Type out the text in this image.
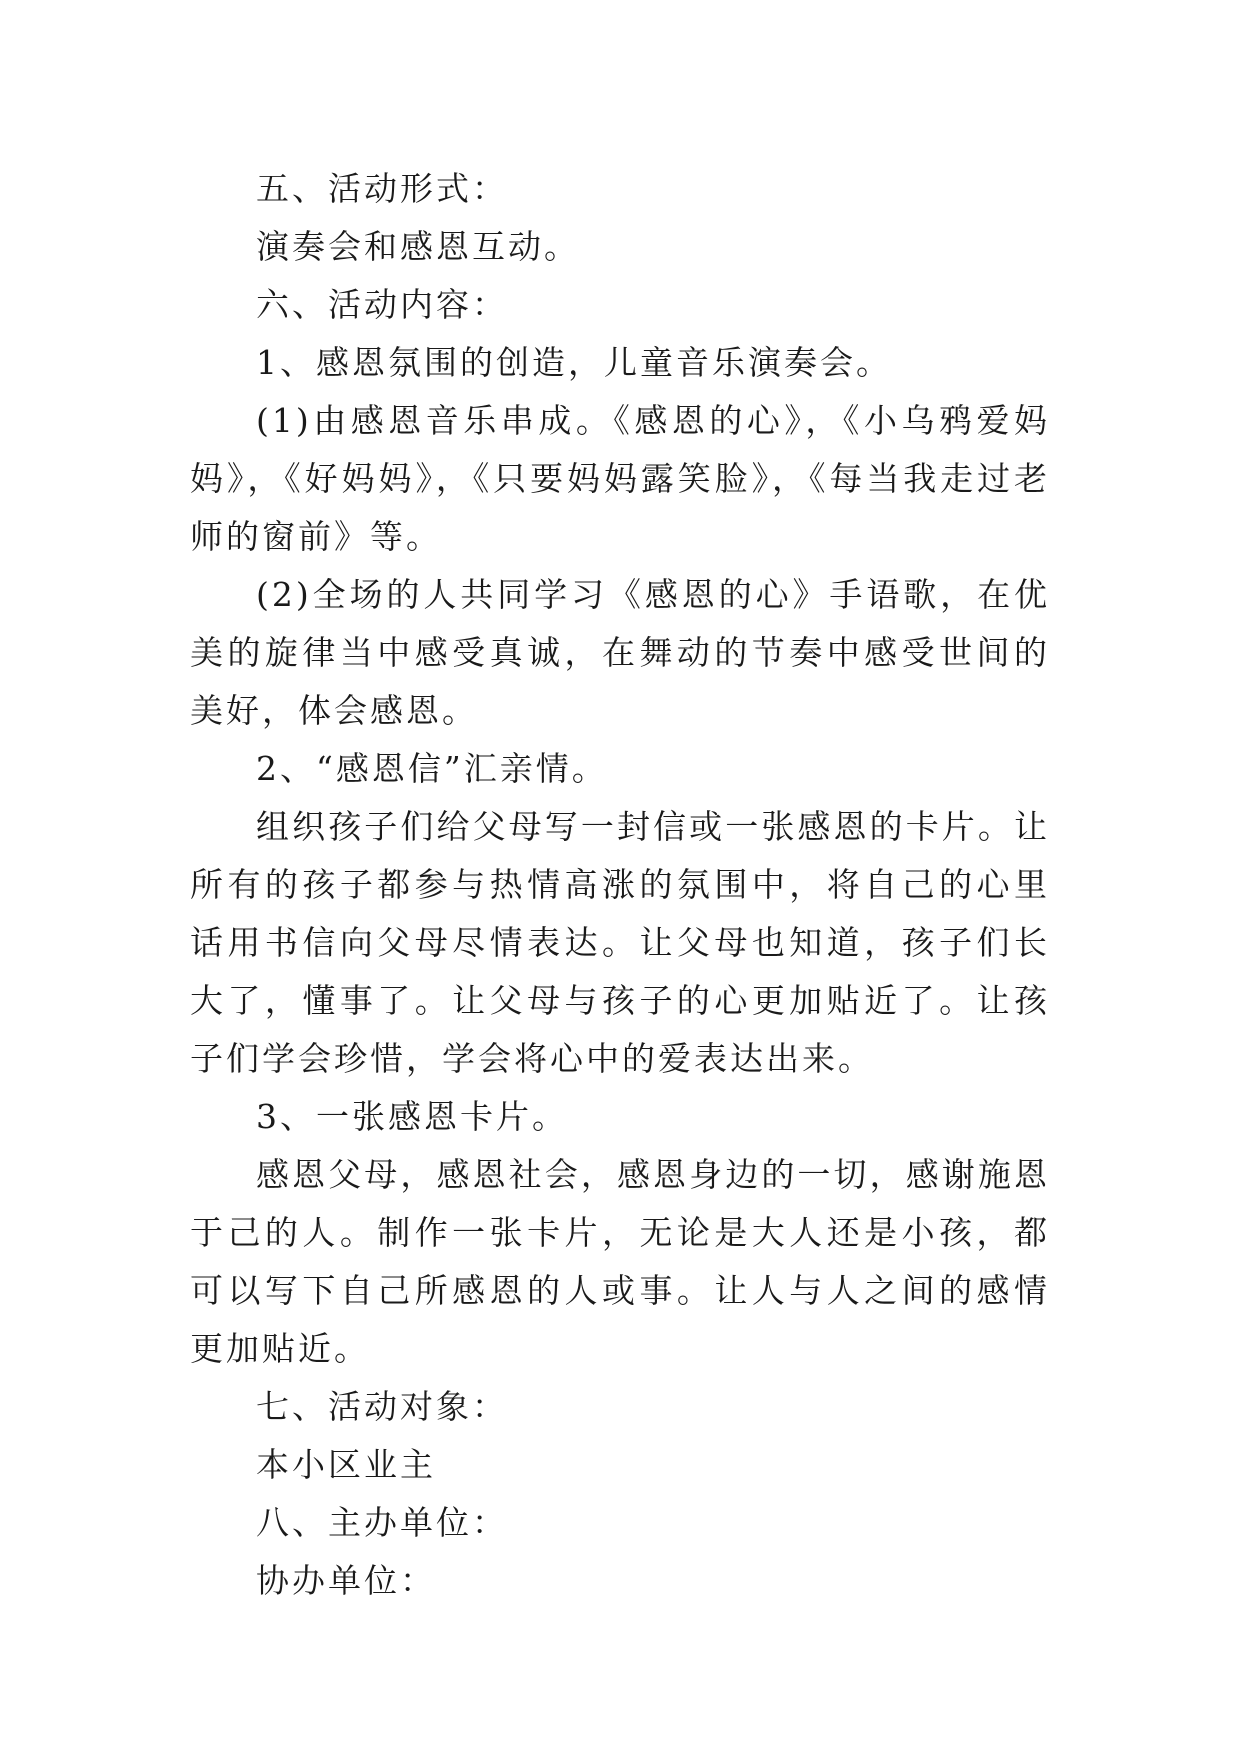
五、活动形式：

演奏会和感恩互动。

六、活动内容：

1、感恩氛围的创造，儿童音乐演奏会。

(1)由感恩音乐串成。《感恩的心》，《小乌鸦爱妈妈》，《好妈妈》，《只要妈妈露笑脸》，《每当我走过老师的窗前》等。

(2)全场的人共同学习《感恩的心》手语歌，在优美的旋律当中感受真诚，在舞动的节奏中感受世间的美好，体会感恩。

2、“感恩信”汇亲情。

组织孩子们给父母写一封信或一张感恩的卡片。让所有的孩子都参与热情高涨的氛围中，将自己的心里话用书信向父母尽情表达。让父母也知道，孩子们长大了，懂事了。让父母与孩子的心更加贴近了。让孩子们学会珍惜，学会将心中的爱表达出来。

3、一张感恩卡片。

感恩父母，感恩社会，感恩身边的一切，感谢施恩于己的人。制作一张卡片，无论是大人还是小孩，都可以写下自己所感恩的人或事。让人与人之间的感情更加贴近。

七、活动对象：

本小区业主

八、主办单位：

协办单位：
